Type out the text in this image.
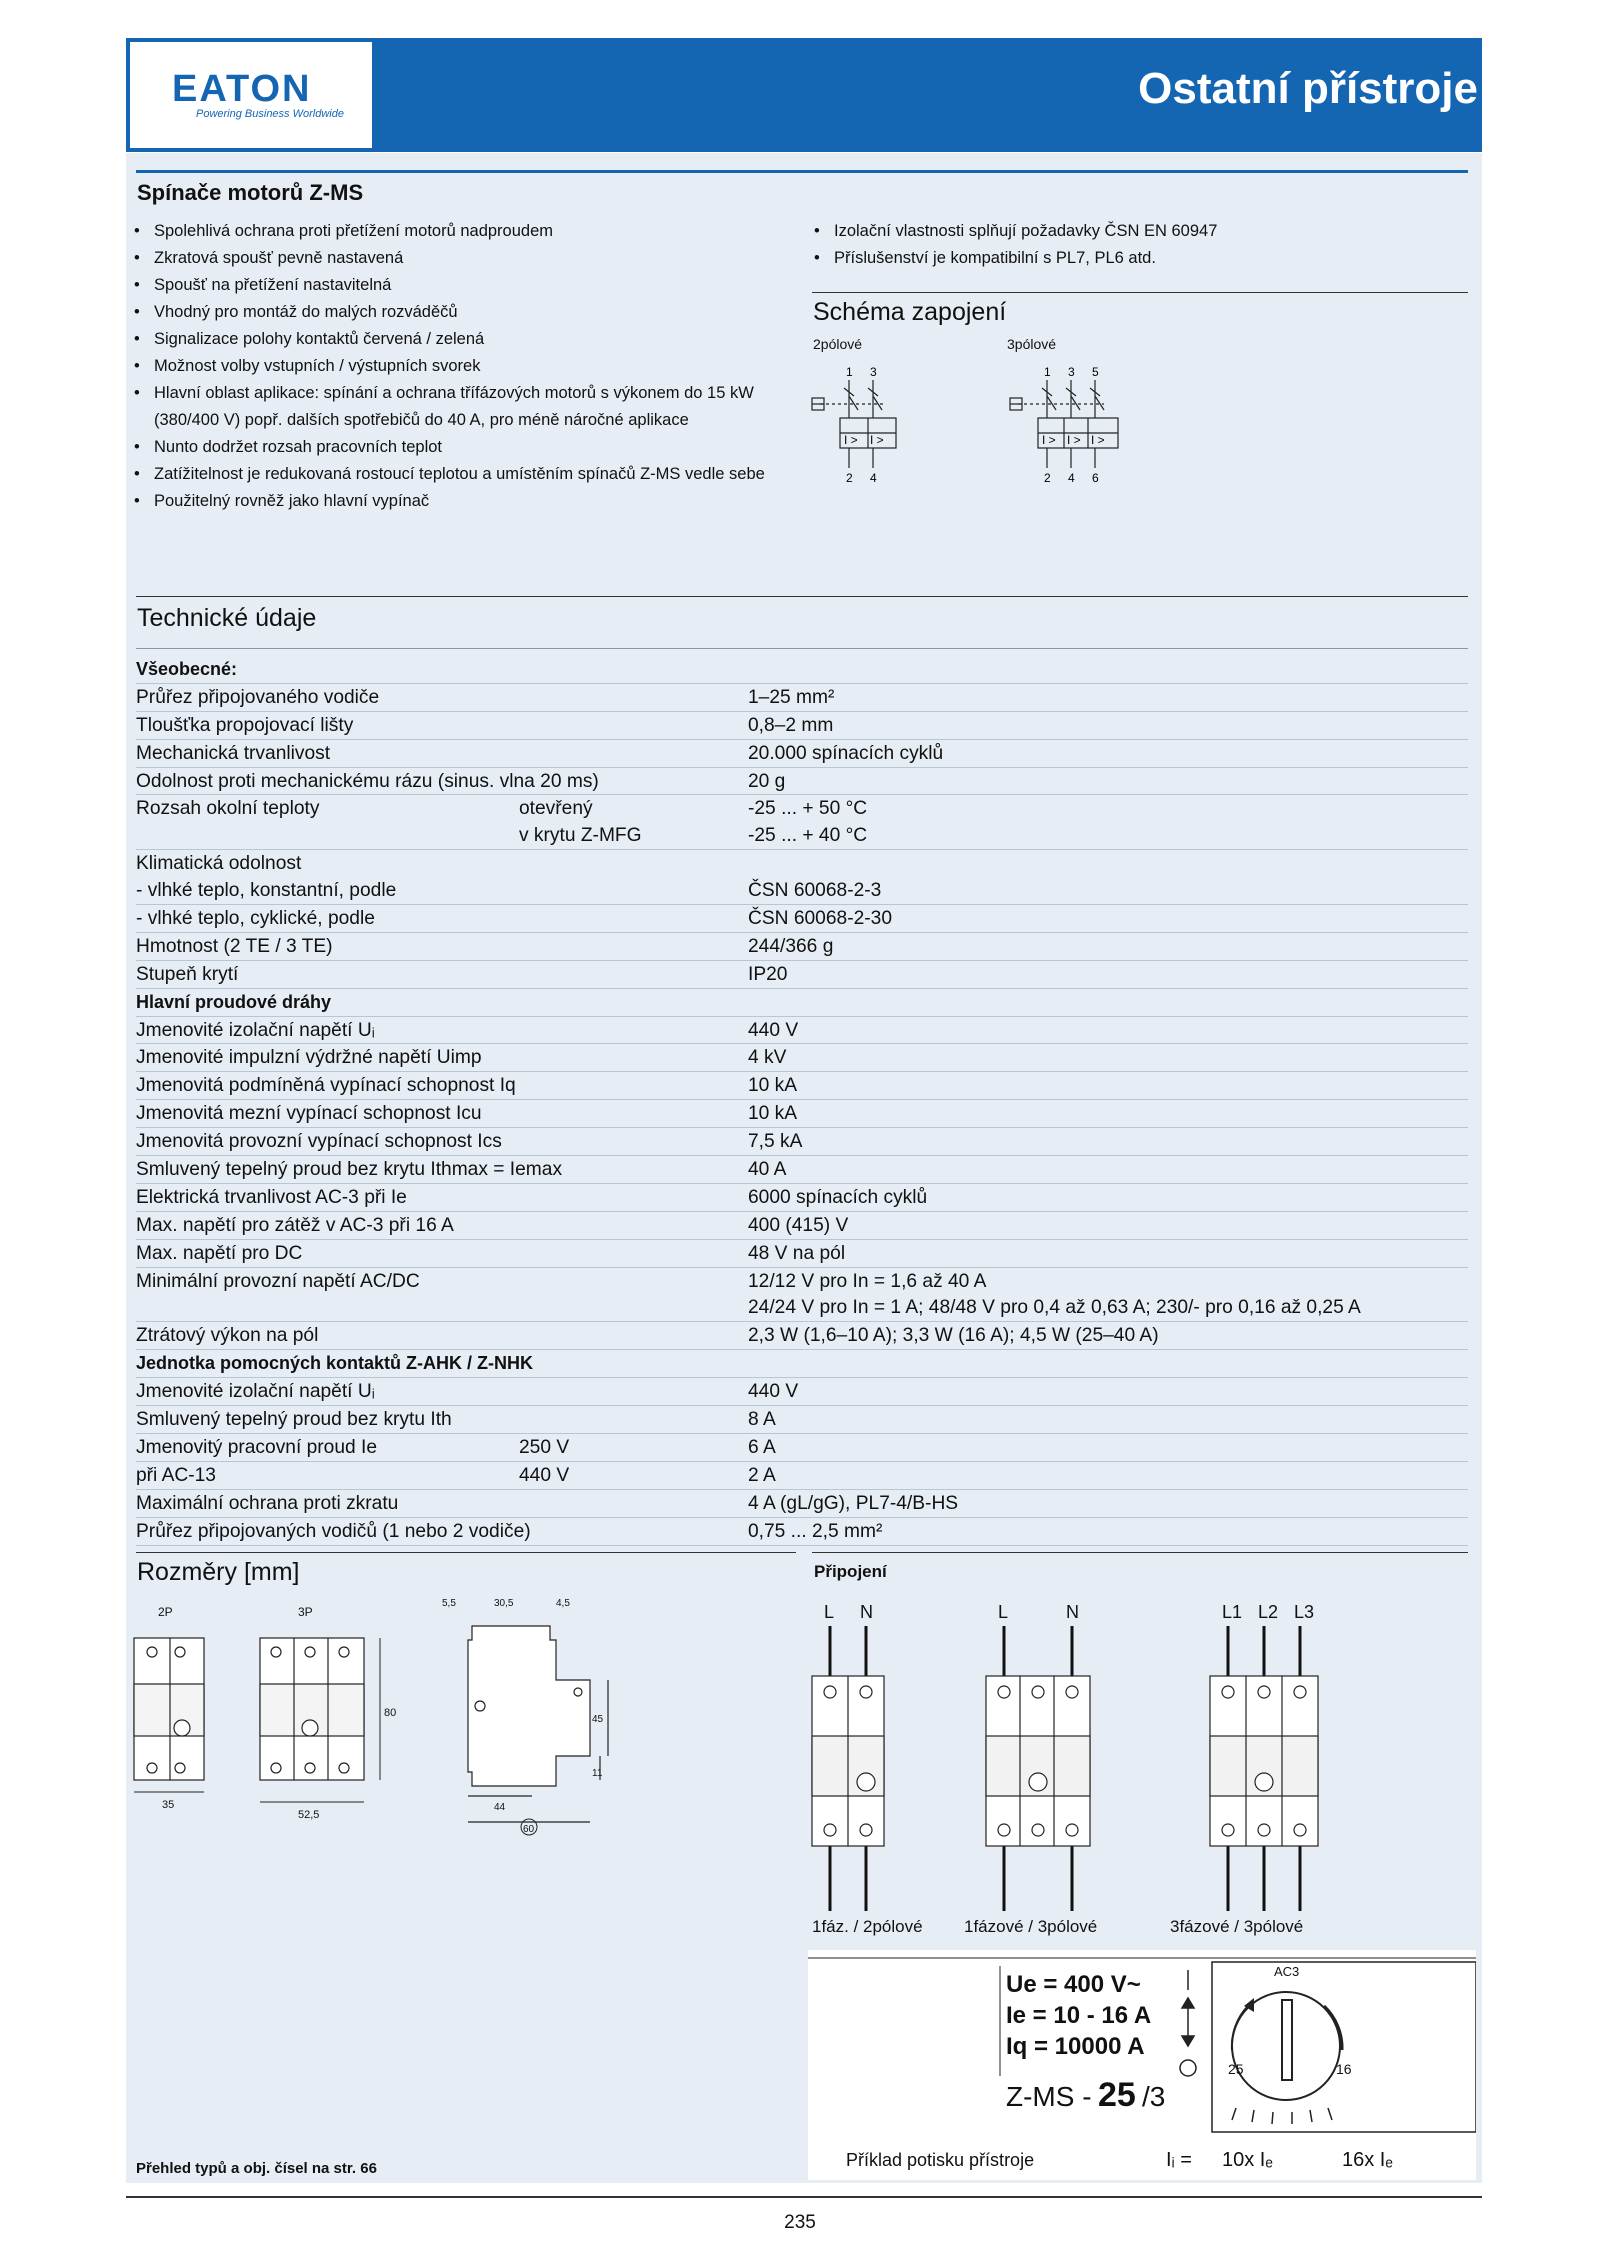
EATON
Powering Business Worldwide
Ostatní přístroje
Spínače motorů Z-MS
• Spolehlivá ochrana proti přetížení motorů nadproudem
• Zkratová spoušť pevně nastavená
• Spoušť na přetížení nastavitelná
• Vhodný pro montáž do malých rozváděčů
• Signalizace polohy kontaktů červená / zelená
• Možnost volby vstupních / výstupních svorek
• Hlavní oblast aplikace: spínání a ochrana třífázových motorů s výkonem do 15 kW (380/400 V) popř. dalších spotřebičů do 40 A, pro méně náročné aplikace
• Nunto dodržet rozsah pracovních teplot
• Zatížitelnost je redukovaná rostoucí teplotou a umístěním spínačů Z-MS vedle sebe
• Použitelný rovněž jako hlavní vypínač
• Izolační vlastnosti splňují požadavky ČSN EN 60947
• Příslušenství je kompatibilní s PL7, PL6 atd.
Schéma zapojení
2pólové	3pólové
1 3
I > I >
2 4
1 3 5
I > I > I >
2 4 6
Technické údaje
Všeobecné:
Průřez připojovaného vodiče	1–25 mm²
Tloušťka propojovací lišty	0,8–2 mm
Mechanická trvanlivost	20.000 spínacích cyklů
Odolnost proti mechanickému rázu (sinus. vlna 20 ms)	20 g
Rozsah okolní teploty	otevřený	-25 ... + 50 °C
v krytu Z-MFG	-25 ... + 40 °C
Klimatická odolnost
- vlhké teplo, konstantní, podle	ČSN 60068-2-3
- vlhké teplo, cyklické, podle	ČSN 60068-2-30
Hmotnost (2 TE / 3 TE)	244/366 g
Stupeň krytí	IP20
Hlavní proudové dráhy
Jmenovité izolační napětí Uᵢ	440 V
Jmenovité impulzní výdržné napětí Uimp	4 kV
Jmenovitá podmíněná vypínací schopnost Iq	10 kA
Jmenovitá mezní vypínací schopnost Icu	10 kA
Jmenovitá provozní vypínací schopnost Ics	7,5 kA
Smluvený tepelný proud bez krytu Ithmax = Iemax	40 A
Elektrická trvanlivost AC-3 při Ie	6000 spínacích cyklů
Max. napětí pro zátěž v AC-3 při 16 A	400 (415) V
Max. napětí pro DC	48 V na pól
Minimální provozní napětí AC/DC	12/12 V pro In = 1,6 až 40 A
24/24 V pro In = 1 A; 48/48 V pro 0,4 až 0,63 A; 230/- pro 0,16 až 0,25 A
Ztrátový výkon na pól	2,3 W (1,6–10 A); 3,3 W (16 A); 4,5 W (25–40 A)
Jednotka pomocných kontaktů Z-AHK / Z-NHK
Jmenovité izolační napětí Uᵢ	440 V
Smluvený tepelný proud bez krytu Ith	8 A
Jmenovitý pracovní proud Ie	250 V	6 A
při AC-13	440 V	2 A
Maximální ochrana proti zkratu	4 A (gL/gG), PL7-4/B-HS
Průřez připojovaných vodičů (1 nebo 2 vodiče)	0,75 ... 2,5 mm²
Rozměry [mm]
2P	3P
35
52,5
80
5,5	30,5	4,5
45
11
44
60
Připojení
L N	L	N	L1 L2 L3
1fáz. / 2pólové 1fázové / 3pólové	3fázové / 3pólové
Ue = 400 V~
Ie = 10 - 16 A
Iq = 10000 A
AC3
25	16
Z-MS - 25 /3
Příklad potisku přístroje	Iᵢ = 10x Iₑ	16x Iₑ
Přehled typů a obj. čísel na str. 66
235
